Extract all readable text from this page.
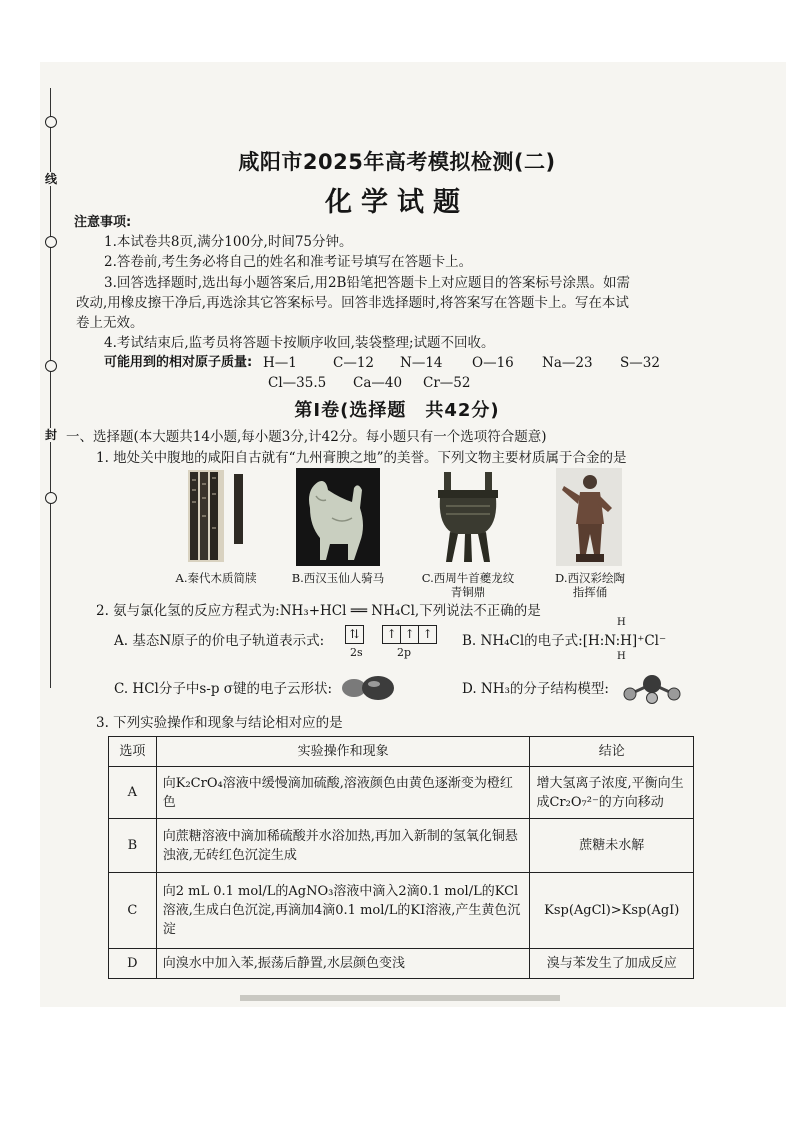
线
封
咸阳市2025年高考模拟检测(二)
化学试题
注意事项:
1.本试卷共8页,满分100分,时间75分钟。
2.答卷前,考生务必将自己的姓名和准考证号填写在答题卡上。
3.回答选择题时,选出每小题答案后,用2B铅笔把答题卡上对应题目的答案标号涂黑。如需
改动,用橡皮擦干净后,再选涂其它答案标号。回答非选择题时,将答案写在答题卡上。写在本试
卷上无效。
4.考试结束后,监考员将答题卡按顺序收回,装袋整理;试题不回收。
可能用到的相对原子质量: H—1	C—12 N—14 O—16 Na—23 S—32
Cl—35.5 Ca—40 Cr—52
第Ⅰ卷(选择题　共42分)
一、选择题(本大题共14小题,每小题3分,计42分。每小题只有一个选项符合题意)
1. 地处关中腹地的咸阳自古就有“九州膏腴之地”的美誉。下列文物主要材质属于合金的是
A.秦代木质简牍	B.西汉玉仙人骑马	C.西周牛首夔龙纹
青铜鼎
D.西汉彩绘陶
指挥俑
2. 氨与氯化氢的反应方程式为:NH₃+HCl ══ NH₄Cl,下列说法不正确的是
A. 基态N原子的价电子轨道表示式:	⇅ ↑ ↑ ↑
2s	2p
H
B. NH₄Cl的电子式:[H:N:H]⁺Cl⁻
H
C. HCl分子中s-p σ键的电子云形状:	D. NH₃的分子结构模型:
3. 下列实验操作和现象与结论相对应的是
选项	实验操作和现象	结论
A	向K₂CrO₄溶液中缓慢滴加硫酸,溶液颜色由黄色逐渐变为橙红色	增大氢离子浓度,平衡向生成Cr₂O₇²⁻的方向移动
B	向蔗糖溶液中滴加稀硫酸并水浴加热,再加入新制的氢氧化铜悬浊液,无砖红色沉淀生成	蔗糖未水解
C	向2 mL 0.1 mol/L的AgNO₃溶液中滴入2滴0.1 mol/L的KCl溶液,生成白色沉淀,再滴加4滴0.1 mol/L的KI溶液,产生黄色沉淀	Ksp(AgCl)>Ksp(AgI)
D	向溴水中加入苯,振荡后静置,水层颜色变浅	溴与苯发生了加成反应
